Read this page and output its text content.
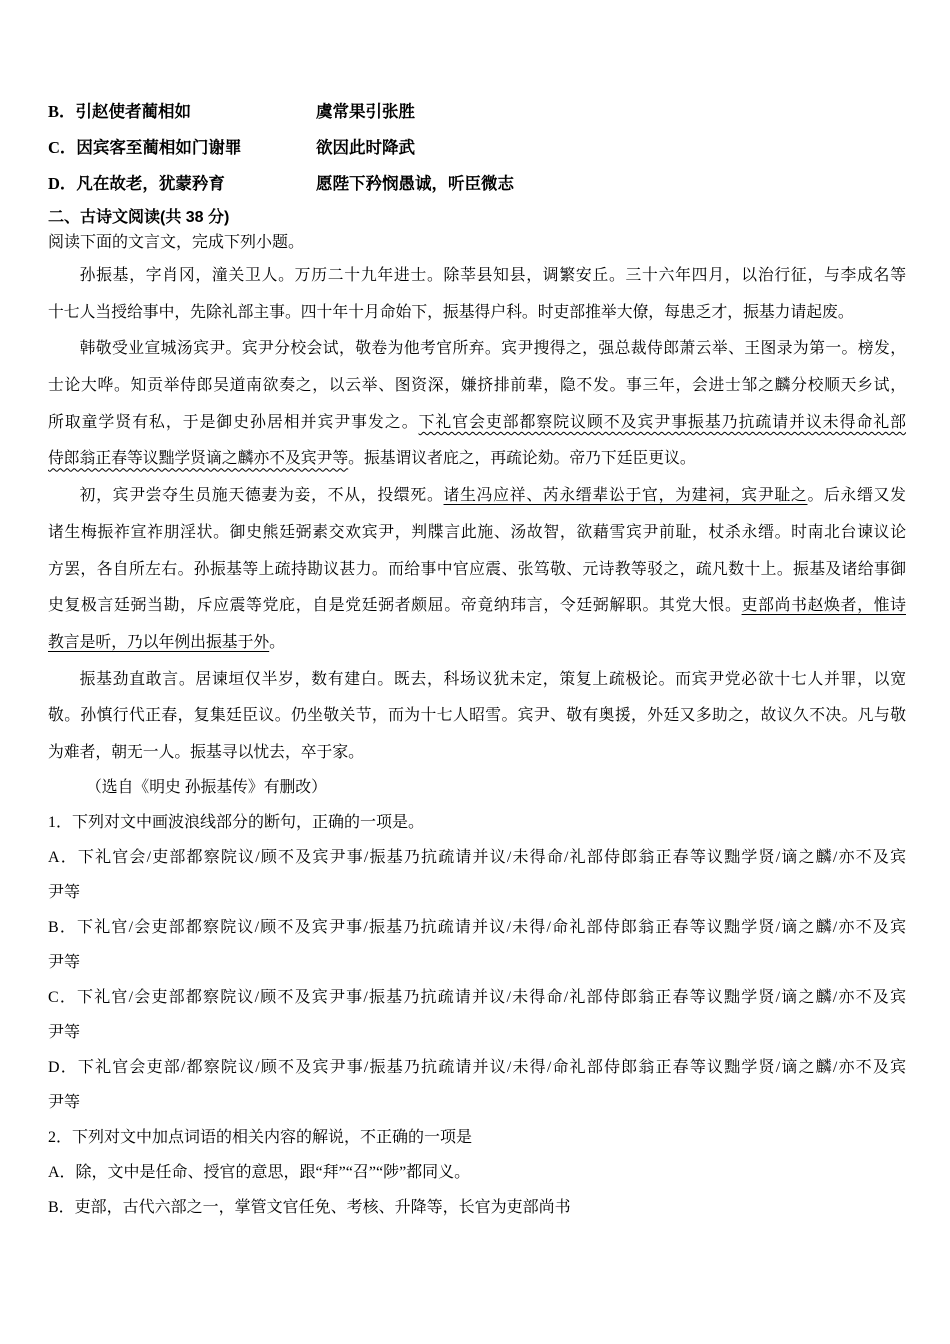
B．引赵使者蔺相如	虞常果引张胜
C．因宾客至蔺相如门谢罪	欲因此时降武
D．凡在故老，犹蒙矜育	愿陛下矜悯愚诚，听臣微志
二、古诗文阅读(共 38 分)
阅读下面的文言文，完成下列小题。
孙振基，字肖冈，潼关卫人。万历二十九年进士。除莘县知县，调繁安丘。三十六年四月，以治行征，与李成名等
十七人当授给事中，先除礼部主事。四十年十月命始下，振基得户科。时吏部推举大僚，每患乏才，振基力请起废。
韩敬受业宣城汤宾尹。宾尹分校会试，敬卷为他考官所弃。宾尹搜得之，强总裁侍郎萧云举、王图录为第一。榜发，
士论大哗。知贡举侍郎吴道南欲奏之，以云举、图资深，嫌挤排前辈，隐不发。事三年，会进士邹之麟分校顺天乡试，
所取童学贤有私，于是御史孙居相并宾尹事发之。下礼官会吏部都察院议顾不及宾尹事振基乃抗疏请并议未得命礼部
侍郎翁正春等议黜学贤谪之麟亦不及宾尹等。振基谓议者庇之，再疏论劾。帝乃下廷臣更议。
初，宾尹尝夺生员施天德妻为妾，不从，投缳死。诸生冯应祥、芮永缙辈讼于官，为建祠，宾尹耻之。后永缙又发
诸生梅振祚宣祚朋淫状。御史熊廷弼素交欢宾尹，判牒言此施、汤故智，欲藉雪宾尹前耻，杖杀永缙。时南北台谏议论
方罢，各自所左右。孙振基等上疏持勘议甚力。而给事中官应震、张笃敬、元诗教等驳之，疏凡数十上。振基及诸给事御
史复极言廷弼当勘，斥应震等党庇，自是党廷弼者颇屈。帝竟纳玮言，令廷弼解职。其党大恨。吏部尚书赵焕者，惟诗
教言是听，乃以年例出振基于外。
振基劲直敢言。居谏垣仅半岁，数有建白。既去，科场议犹未定，策复上疏极论。而宾尹党必欲十七人并罪，以宽
敬。孙慎行代正春，复集廷臣议。仍坐敬关节，而为十七人昭雪。宾尹、敬有奥援，外廷又多助之，故议久不决。凡与敬
为难者，朝无一人。振基寻以忧去，卒于家。
（选自《明史 孙振基传》有删改）
1．下列对文中画波浪线部分的断句，正确的一项是。
A．下礼官会/吏部都察院议/顾不及宾尹事/振基乃抗疏请并议/未得命/礼部侍郎翁正春等议黜学贤/谪之麟/亦不及宾
尹等
B．下礼官/会吏部都察院议/顾不及宾尹事/振基乃抗疏请并议/未得/命礼部侍郎翁正春等议黜学贤/谪之麟/亦不及宾
尹等
C．下礼官/会吏部都察院议/顾不及宾尹事/振基乃抗疏请并议/未得命/礼部侍郎翁正春等议黜学贤/谪之麟/亦不及宾
尹等
D．下礼官会吏部/都察院议/顾不及宾尹事/振基乃抗疏请并议/未得/命礼部侍郎翁正春等议黜学贤/谪之麟/亦不及宾
尹等
2．下列对文中加点词语的相关内容的解说，不正确的一项是
A．除，文中是任命、授官的意思，跟“拜”“召”“陟”都同义。
B．吏部，古代六部之一，掌管文官任免、考核、升降等，长官为吏部尚书
